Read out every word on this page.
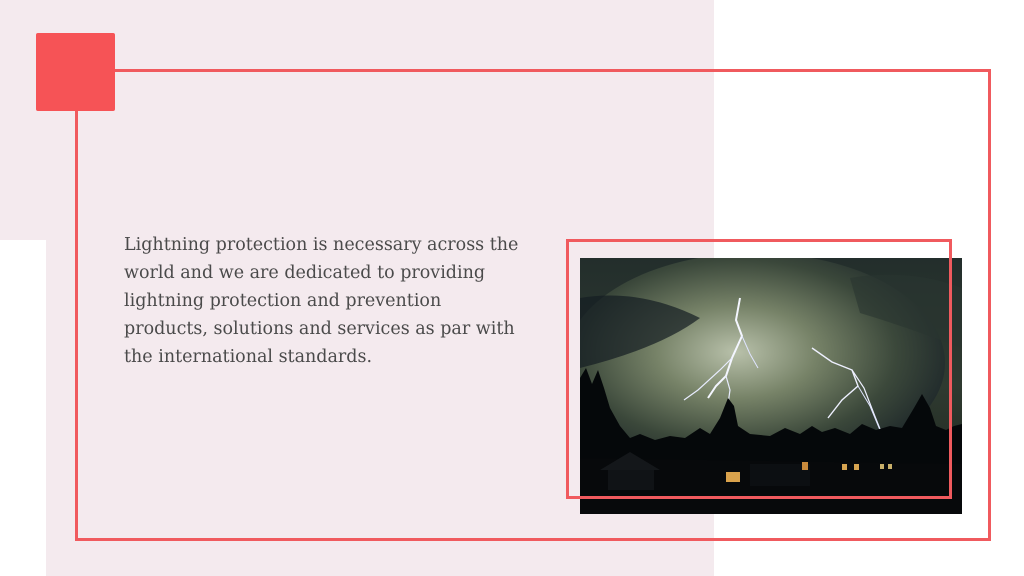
Lightning protection is necessary across the world and we are dedicated to providing lightning protection and prevention products, solutions and services as par with the international standards.
